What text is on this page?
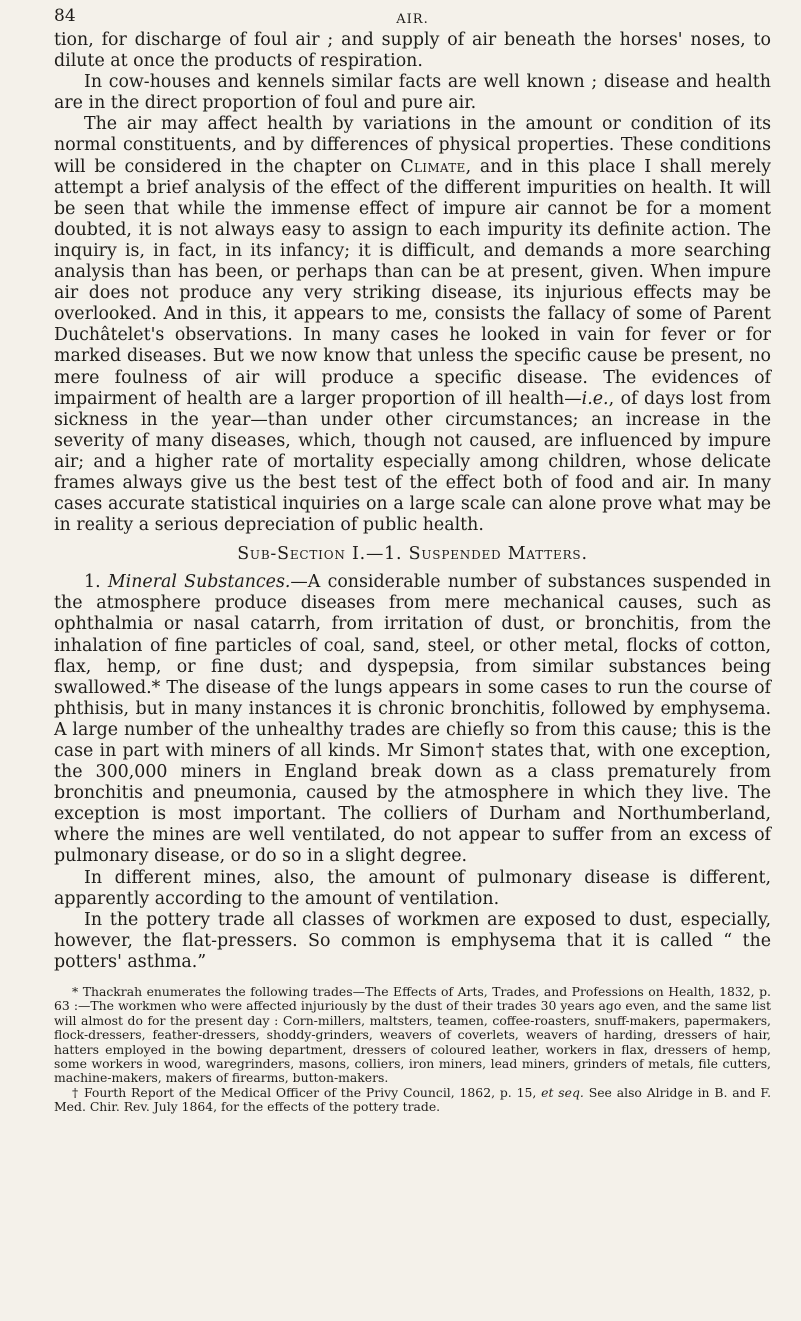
84	AIR.

tion, for discharge of foul air ; and supply of air beneath the horses' noses, to dilute at once the products of respiration.

In cow-houses and kennels similar facts are well known ; disease and health are in the direct proportion of foul and pure air.

The air may affect health by variations in the amount or condition of its normal constituents, and by differences of physical properties. These conditions will be considered in the chapter on Climate, and in this place I shall merely attempt a brief analysis of the effect of the different impurities on health. It will be seen that while the immense effect of impure air cannot be for a moment doubted, it is not always easy to assign to each impurity its definite action. The inquiry is, in fact, in its infancy; it is difficult, and demands a more searching analysis than has been, or perhaps than can be at present, given. When impure air does not produce any very striking disease, its injurious effects may be overlooked. And in this, it appears to me, consists the fallacy of some of Parent Duchâtelet's observations. In many cases he looked in vain for fever or for marked diseases. But we now know that unless the specific cause be present, no mere foulness of air will produce a specific disease. The evidences of impairment of health are a larger proportion of ill health—i.e., of days lost from sickness in the year—than under other circumstances; an increase in the severity of many diseases, which, though not caused, are influenced by impure air; and a higher rate of mortality especially among children, whose delicate frames always give us the best test of the effect both of food and air. In many cases accurate statistical inquiries on a large scale can alone prove what may be in reality a serious depreciation of public health.

Sub-Section I.—1. Suspended Matters.

1. Mineral Substances.—A considerable number of substances suspended in the atmosphere produce diseases from mere mechanical causes, such as ophthalmia or nasal catarrh, from irritation of dust, or bronchitis, from the inhalation of fine particles of coal, sand, steel, or other metal, flocks of cotton, flax, hemp, or fine dust; and dyspepsia, from similar substances being swallowed.* The disease of the lungs appears in some cases to run the course of phthisis, but in many instances it is chronic bronchitis, followed by emphysema. A large number of the unhealthy trades are chiefly so from this cause; this is the case in part with miners of all kinds. Mr Simon† states that, with one exception, the 300,000 miners in England break down as a class prematurely from bronchitis and pneumonia, caused by the atmosphere in which they live. The exception is most important. The colliers of Durham and Northumberland, where the mines are well ventilated, do not appear to suffer from an excess of pulmonary disease, or do so in a slight degree.

In different mines, also, the amount of pulmonary disease is different, apparently according to the amount of ventilation.

In the pottery trade all classes of workmen are exposed to dust, especially, however, the flat-pressers. So common is emphysema that it is called “ the potters' asthma.”

* Thackrah enumerates the following trades—The Effects of Arts, Trades, and Professions on Health, 1832, p. 63 :—The workmen who were affected injuriously by the dust of their trades 30 years ago even, and the same list will almost do for the present day : Corn-millers, maltsters, teamen, coffee-roasters, snuff-makers, papermakers, flock-dressers, feather-dressers, shoddy-grinders, weavers of coverlets, weavers of harding, dressers of hair, hatters employed in the bowing department, dressers of coloured leather, workers in flax, dressers of hemp, some workers in wood, waregrinders, masons, colliers, iron miners, lead miners, grinders of metals, file cutters, machine-makers, makers of firearms, button-makers.

† Fourth Report of the Medical Officer of the Privy Council, 1862, p. 15, et seq. See also Alridge in B. and F. Med. Chir. Rev. July 1864, for the effects of the pottery trade.
